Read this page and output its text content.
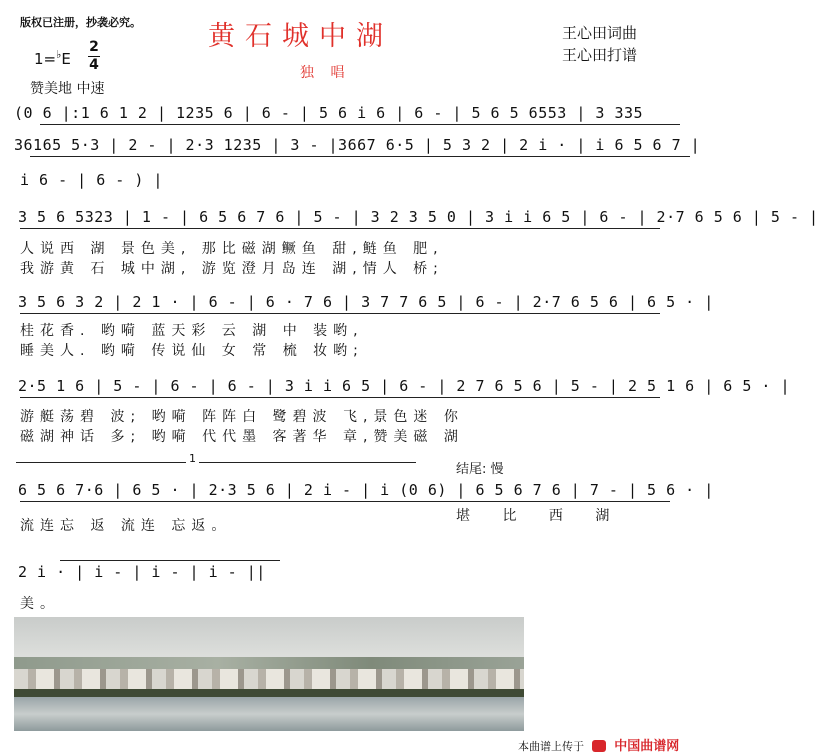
版权已注册，抄袭必究。 黄石城中湖
独 唱
王心田词曲
王心田打谱
1=♭E
2
4
赞美地 中速
(0 6 |:1 6 1 2 | 1235 6 | 6 - | 5 6 i 6 | 6 - | 5 6 5 6553 | 3 335
36165 5·3 | 2 - | 2·3 1235 | 3 - |3667 6·5 | 5 3 2 | 2 i · | i 6 5 6 7 |
i 6 - | 6 - ) |
3 5 6 5323 | 1 - | 6 5 6 7 6 | 5 - | 3 2 3 5 0 | 3 i i 6 5 | 6 - | 2·7 6 5 6 | 5 - |
人说西 湖 景色美, 那比磁湖鳜鱼 甜,鲢鱼 肥,
我游黄 石 城中湖, 游览澄月岛连 湖,情人 桥;
3 5 6 3 2 | 2 1 · | 6 - | 6 · 7 6 | 3 7 7 6 5 | 6 - | 2·7 6 5 6 | 6 5 · |
桂花香. 哟嗬 蓝天彩 云 湖 中 装哟,
睡美人. 哟嗬 传说仙 女 常 梳 妆哟;
2·5 1 6 | 5 - | 6 - | 6 - | 3 i i 6 5 | 6 - | 2 7 6 5 6 | 5 - | 2 5 1 6 | 6 5 · |
游艇荡碧 波; 哟嗬 阵阵白 鹭碧波 飞,景色迷 你
磁湖神话 多; 哟嗬 代代墨 客著华 章,赞美磁 湖
1
结尾: 慢
6 5 6 7·6 | 6 5 · | 2·3 5 6 | 2 i - | i (0 6) | 6 5 6 7 6 | 7 - | 5 6 · |
流连忘 返 流连 忘返。
堪 比 西 湖
2 i · | i - | i - | i - ||
美。
本曲谱上传于 中国曲谱网
